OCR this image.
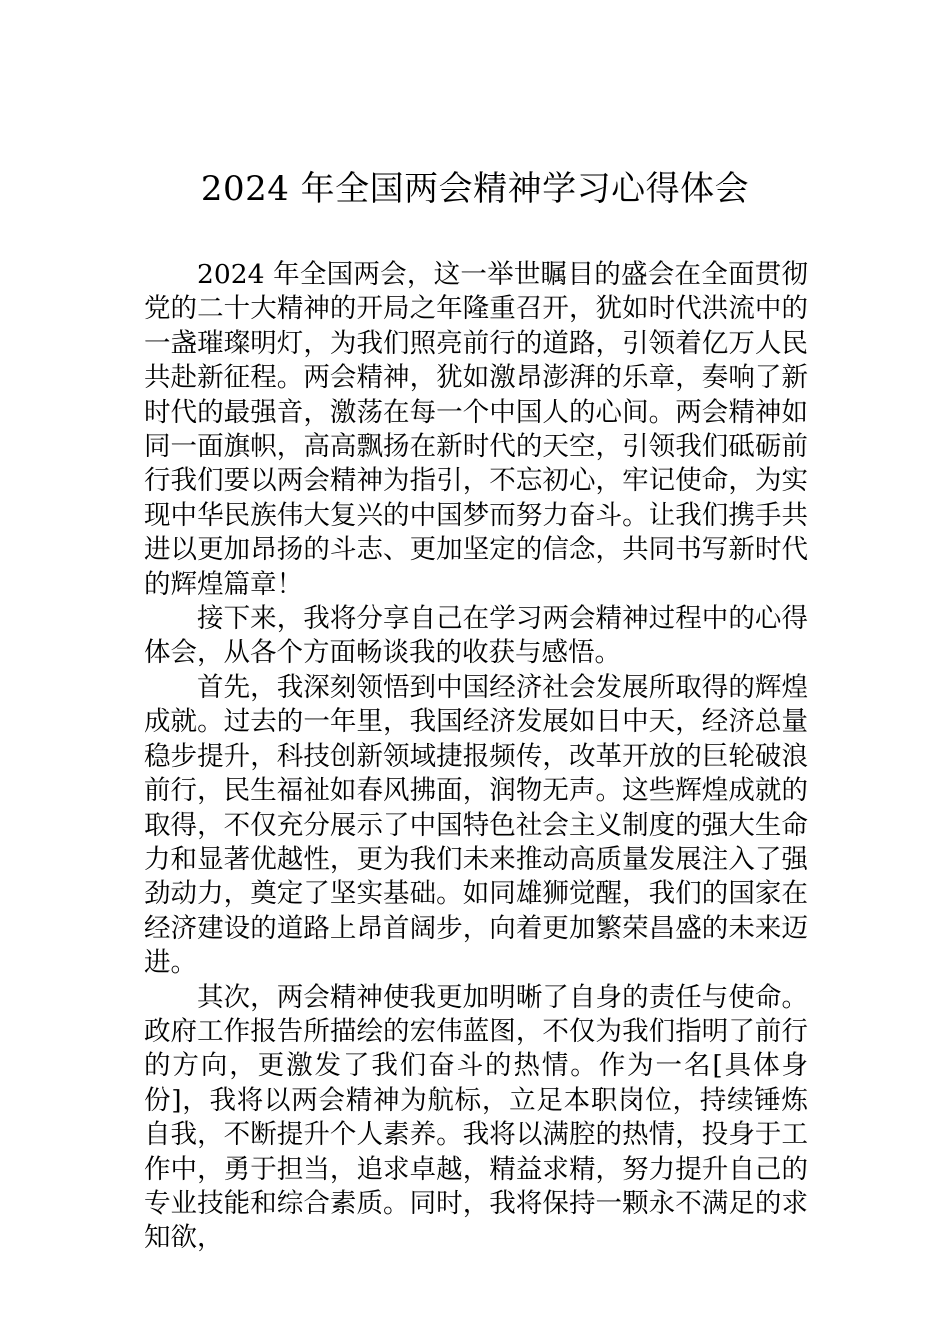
2024 年全国两会精神学习心得体会

2024 年全国两会，这一举世瞩目的盛会在全面贯彻党的二十大精神的开局之年隆重召开，犹如时代洪流中的一盏璀璨明灯，为我们照亮前行的道路，引领着亿万人民共赴新征程。两会精神，犹如激昂澎湃的乐章，奏响了新时代的最强音，激荡在每一个中国人的心间。两会精神如同一面旗帜，高高飘扬在新时代的天空，引领我们砥砺前行我们要以两会精神为指引，不忘初心，牢记使命，为实现中华民族伟大复兴的中国梦而努力奋斗。让我们携手共进以更加昂扬的斗志、更加坚定的信念，共同书写新时代的辉煌篇章！

接下来，我将分享自己在学习两会精神过程中的心得体会，从各个方面畅谈我的收获与感悟。

首先，我深刻领悟到中国经济社会发展所取得的辉煌成就。过去的一年里，我国经济发展如日中天，经济总量稳步提升，科技创新领域捷报频传，改革开放的巨轮破浪前行，民生福祉如春风拂面，润物无声。这些辉煌成就的取得，不仅充分展示了中国特色社会主义制度的强大生命力和显著优越性，更为我们未来推动高质量发展注入了强劲动力，奠定了坚实基础。如同雄狮觉醒，我们的国家在经济建设的道路上昂首阔步，向着更加繁荣昌盛的未来迈进。

其次，两会精神使我更加明晰了自身的责任与使命。政府工作报告所描绘的宏伟蓝图，不仅为我们指明了前行的方向，更激发了我们奋斗的热情。作为一名[具体身份]，我将以两会精神为航标，立足本职岗位，持续锤炼自我，不断提升个人素养。我将以满腔的热情，投身于工作中，勇于担当，追求卓越，精益求精，努力提升自己的专业技能和综合素质。同时，我将保持一颗永不满足的求知欲，
